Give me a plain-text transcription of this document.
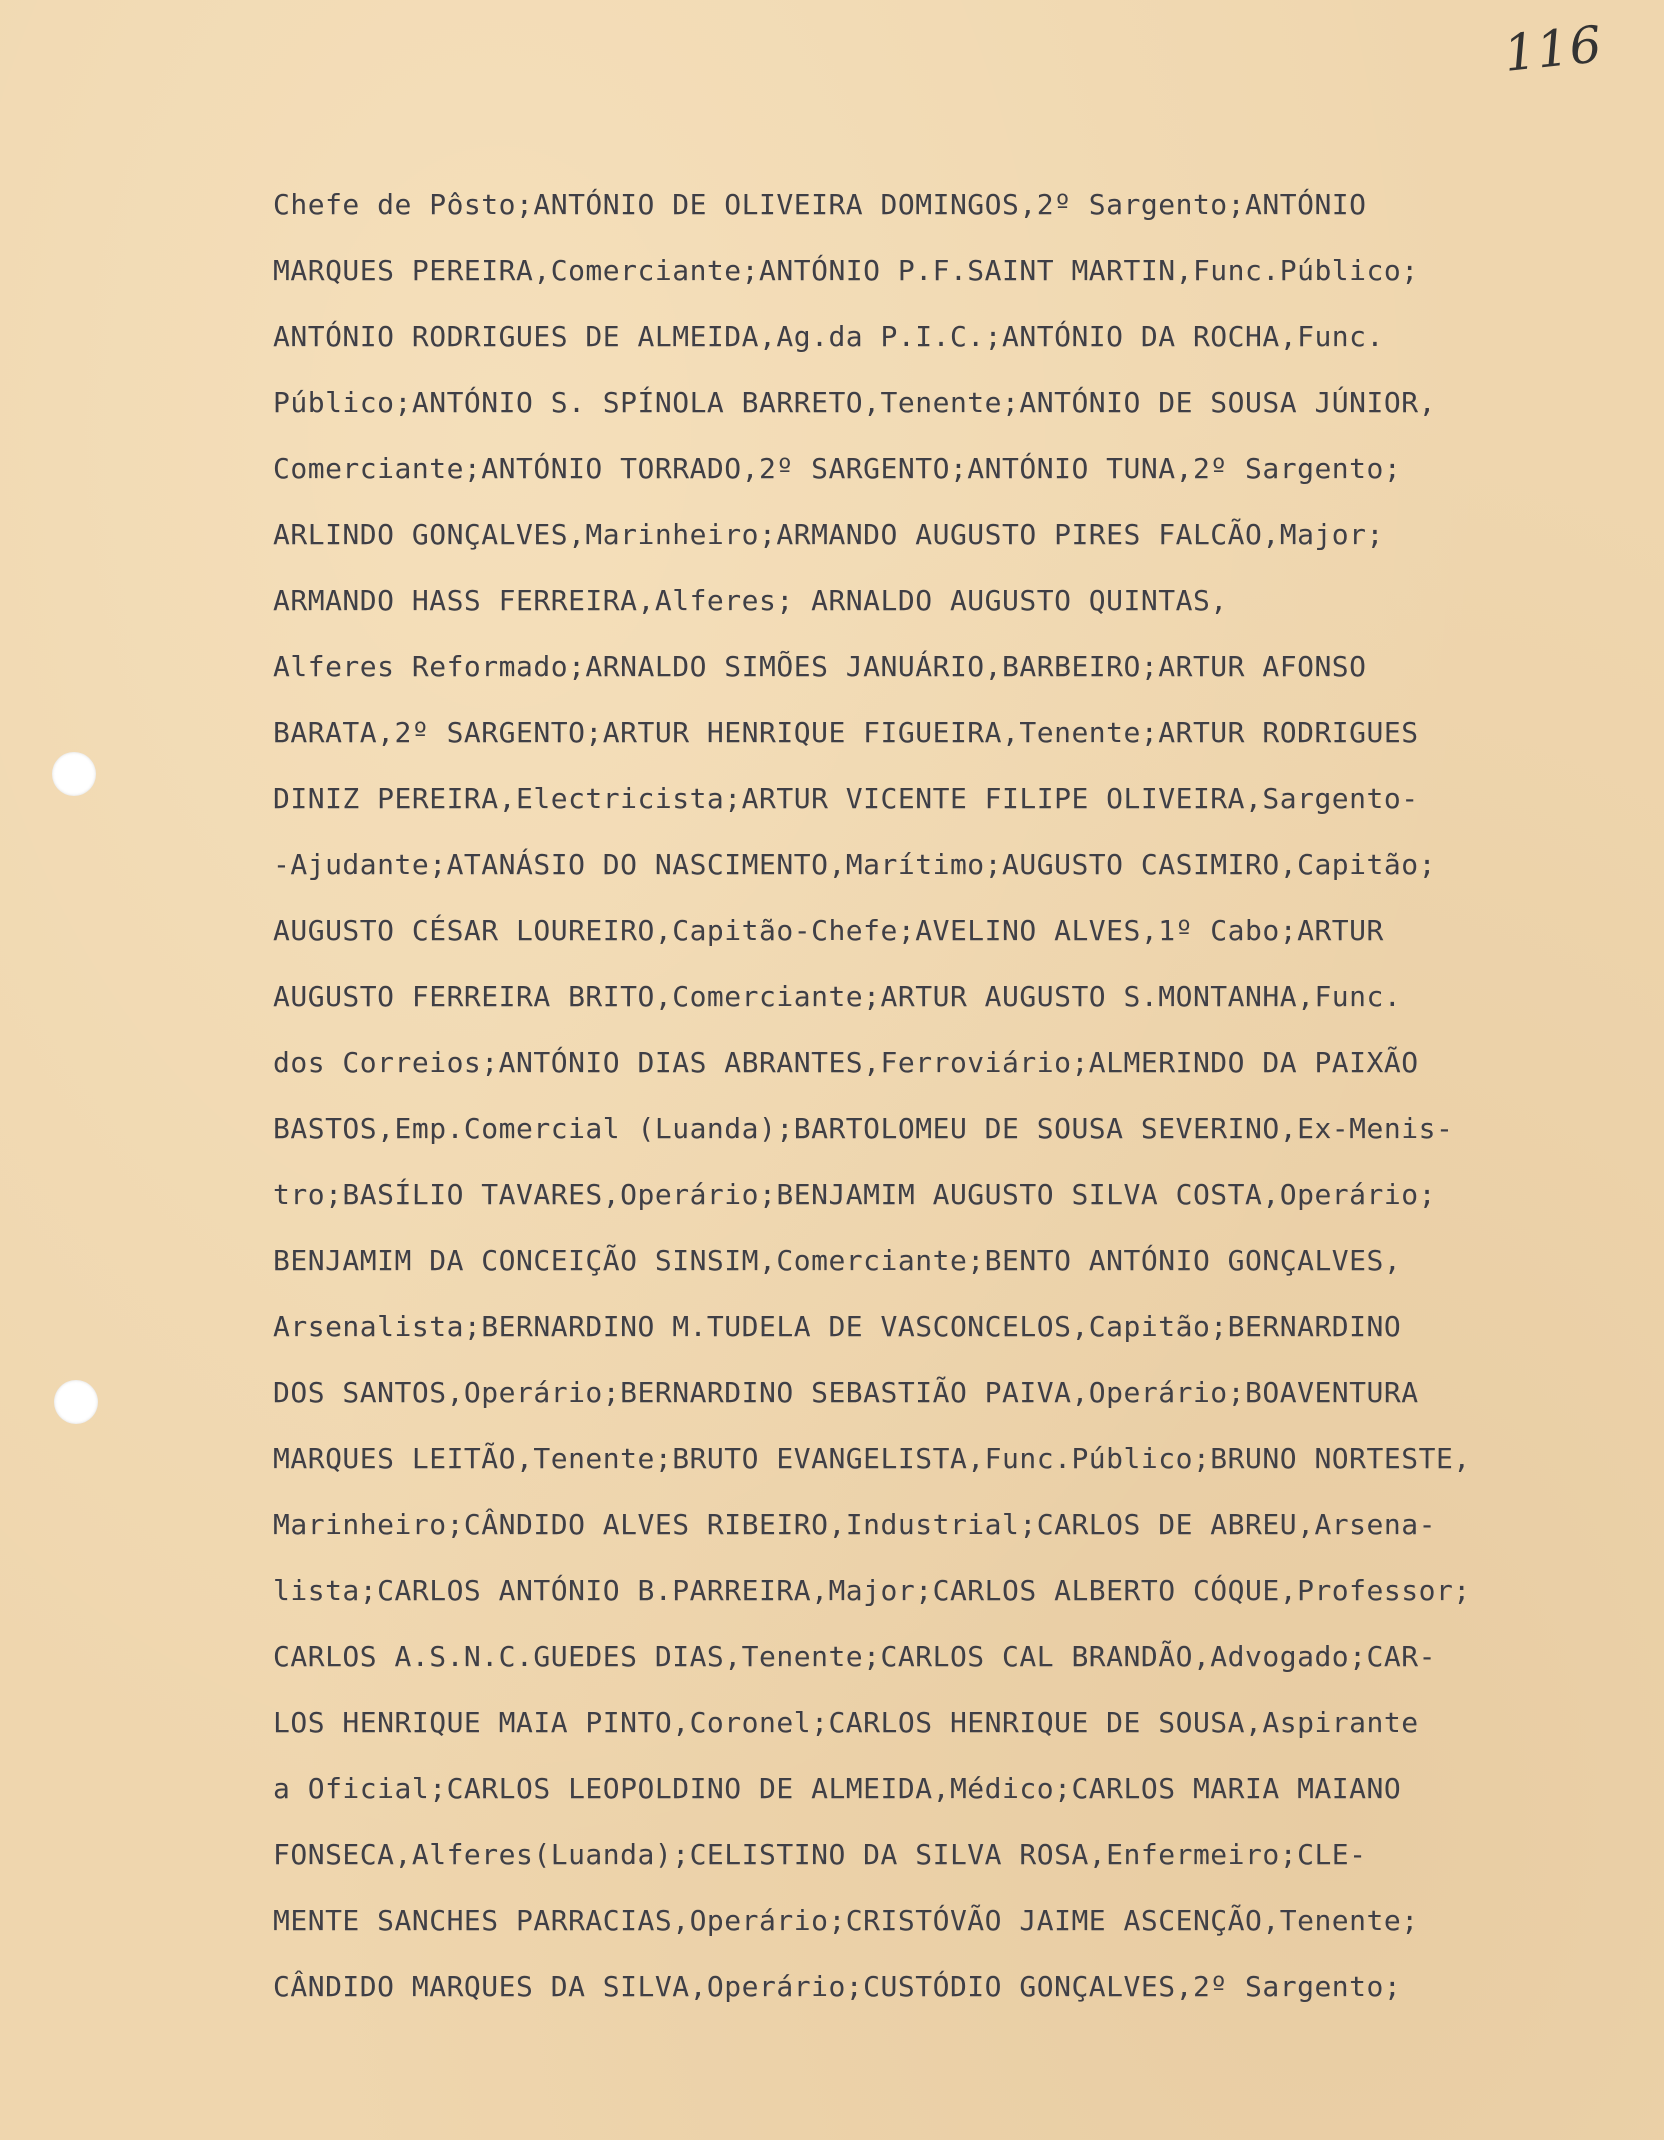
116
Chefe de Pôsto;ANTÓNIO DE OLIVEIRA DOMINGOS,2º Sargento;ANTÓNIO
MARQUES PEREIRA,Comerciante;ANTÓNIO P.F.SAINT MARTIN,Func.Público;
ANTÓNIO RODRIGUES DE ALMEIDA,Ag.da P.I.C.;ANTÓNIO DA ROCHA,Func.
Público;ANTÓNIO S. SPÍNOLA BARRETO,Tenente;ANTÓNIO DE SOUSA JÚNIOR,
Comerciante;ANTÓNIO TORRADO,2º SARGENTO;ANTÓNIO TUNA,2º Sargento;
ARLINDO GONÇALVES,Marinheiro;ARMANDO AUGUSTO PIRES FALCÃO,Major;
ARMANDO HASS FERREIRA,Alferes; ARNALDO AUGUSTO QUINTAS,
Alferes Reformado;ARNALDO SIMÕES JANUÁRIO,BARBEIRO;ARTUR AFONSO
BARATA,2º SARGENTO;ARTUR HENRIQUE FIGUEIRA,Tenente;ARTUR RODRIGUES
DINIZ PEREIRA,Electricista;ARTUR VICENTE FILIPE OLIVEIRA,Sargento-
-Ajudante;ATANÁSIO DO NASCIMENTO,Marítimo;AUGUSTO CASIMIRO,Capitão;
AUGUSTO CÉSAR LOUREIRO,Capitão-Chefe;AVELINO ALVES,1º Cabo;ARTUR
AUGUSTO FERREIRA BRITO,Comerciante;ARTUR AUGUSTO S.MONTANHA,Func.
dos Correios;ANTÓNIO DIAS ABRANTES,Ferroviário;ALMERINDO DA PAIXÃO
BASTOS,Emp.Comercial (Luanda);BARTOLOMEU DE SOUSA SEVERINO,Ex-Menis-
tro;BASÍLIO TAVARES,Operário;BENJAMIM AUGUSTO SILVA COSTA,Operário;
BENJAMIM DA CONCEIÇÃO SINSIM,Comerciante;BENTO ANTÓNIO GONÇALVES,
Arsenalista;BERNARDINO M.TUDELA DE VASCONCELOS,Capitão;BERNARDINO
DOS SANTOS,Operário;BERNARDINO SEBASTIÃO PAIVA,Operário;BOAVENTURA
MARQUES LEITÃO,Tenente;BRUTO EVANGELISTA,Func.Público;BRUNO NORTESTE,
Marinheiro;CÂNDIDO ALVES RIBEIRO,Industrial;CARLOS DE ABREU,Arsena-
lista;CARLOS ANTÓNIO B.PARREIRA,Major;CARLOS ALBERTO CÓQUE,Professor;
CARLOS A.S.N.C.GUEDES DIAS,Tenente;CARLOS CAL BRANDÃO,Advogado;CAR-
LOS HENRIQUE MAIA PINTO,Coronel;CARLOS HENRIQUE DE SOUSA,Aspirante
a Oficial;CARLOS LEOPOLDINO DE ALMEIDA,Médico;CARLOS MARIA MAIANO
FONSECA,Alferes(Luanda);CELISTINO DA SILVA ROSA,Enfermeiro;CLE-
MENTE SANCHES PARRACIAS,Operário;CRISTÓVÃO JAIME ASCENÇÃO,Tenente;
CÂNDIDO MARQUES DA SILVA,Operário;CUSTÓDIO GONÇALVES,2º Sargento;
